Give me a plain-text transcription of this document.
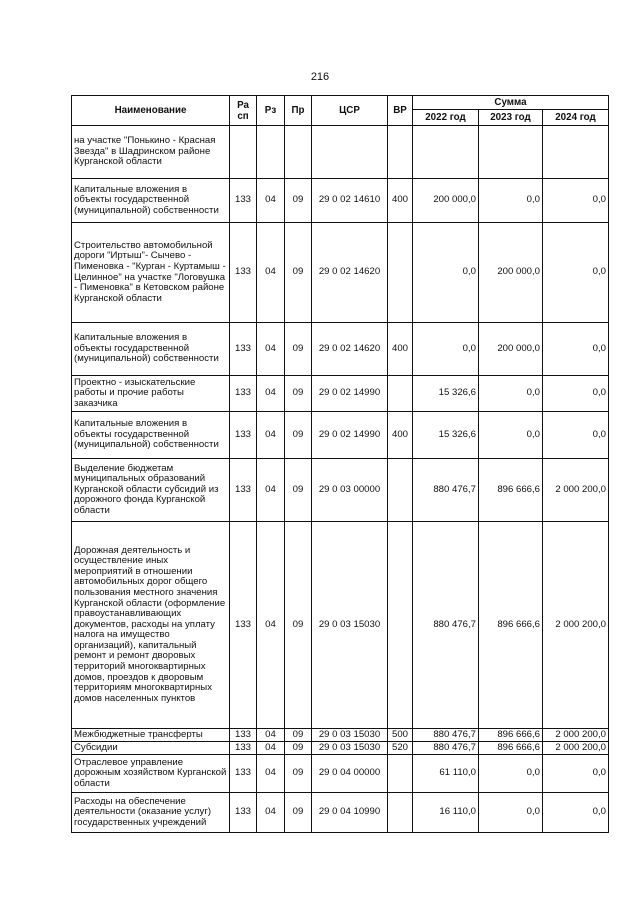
216
Наименование	Ра сп	Рз	Пр	ЦСР	ВР	Сумма		
						2022 год	2023 год	2024 год
на участке "Понькино - Красная Звезда" в Шадринском районе Курганской области								
Капитальные вложения в объекты государственной (муниципальной) собственности	133	04	09	29 0 02 14610	400	200 000,0	0,0	0,0
Строительство автомобильной дороги "Иртыш"- Сычево - Пименовка - "Курган - Куртамыш - Целинное" на участке "Логовушка - Пименовка" в Кетовском районе Курганской области	133	04	09	29 0 02 14620		0,0	200 000,0	0,0
Капитальные вложения в объекты государственной (муниципальной) собственности	133	04	09	29 0 02 14620	400	0,0	200 000,0	0,0
Проектно - изыскательские работы и прочие работы заказчика	133	04	09	29 0 02 14990		15 326,6	0,0	0,0
Капитальные вложения в объекты государственной (муниципальной) собственности	133	04	09	29 0 02 14990	400	15 326,6	0,0	0,0
Выделение бюджетам муниципальных образований Курганской области субсидий из дорожного фонда Курганской области	133	04	09	29 0 03 00000		880 476,7	896 666,6	2 000 200,0
Дорожная деятельность и осуществление иных мероприятий в отношении автомобильных дорог общего пользования местного значения Курганской области (оформление правоустанавливающих документов, расходы на уплату налога на имущество организаций), капитальный ремонт и ремонт дворовых территорий многоквартирных домов, проездов к дворовым территориям многоквартирных домов населенных пунктов	133	04	09	29 0 03 15030		880 476,7	896 666,6	2 000 200,0
Межбюджетные трансферты	133	04	09	29 0 03 15030	500	880 476,7	896 666,6	2 000 200,0
Субсидии	133	04	09	29 0 03 15030	520	880 476,7	896 666,6	2 000 200,0
Отраслевое управление дорожным хозяйством Курганской области	133	04	09	29 0 04 00000		61 110,0	0,0	0,0
Расходы на обеспечение деятельности (оказание услуг) государственных учреждений	133	04	09	29 0 04 10990		16 110,0	0,0	0,0
